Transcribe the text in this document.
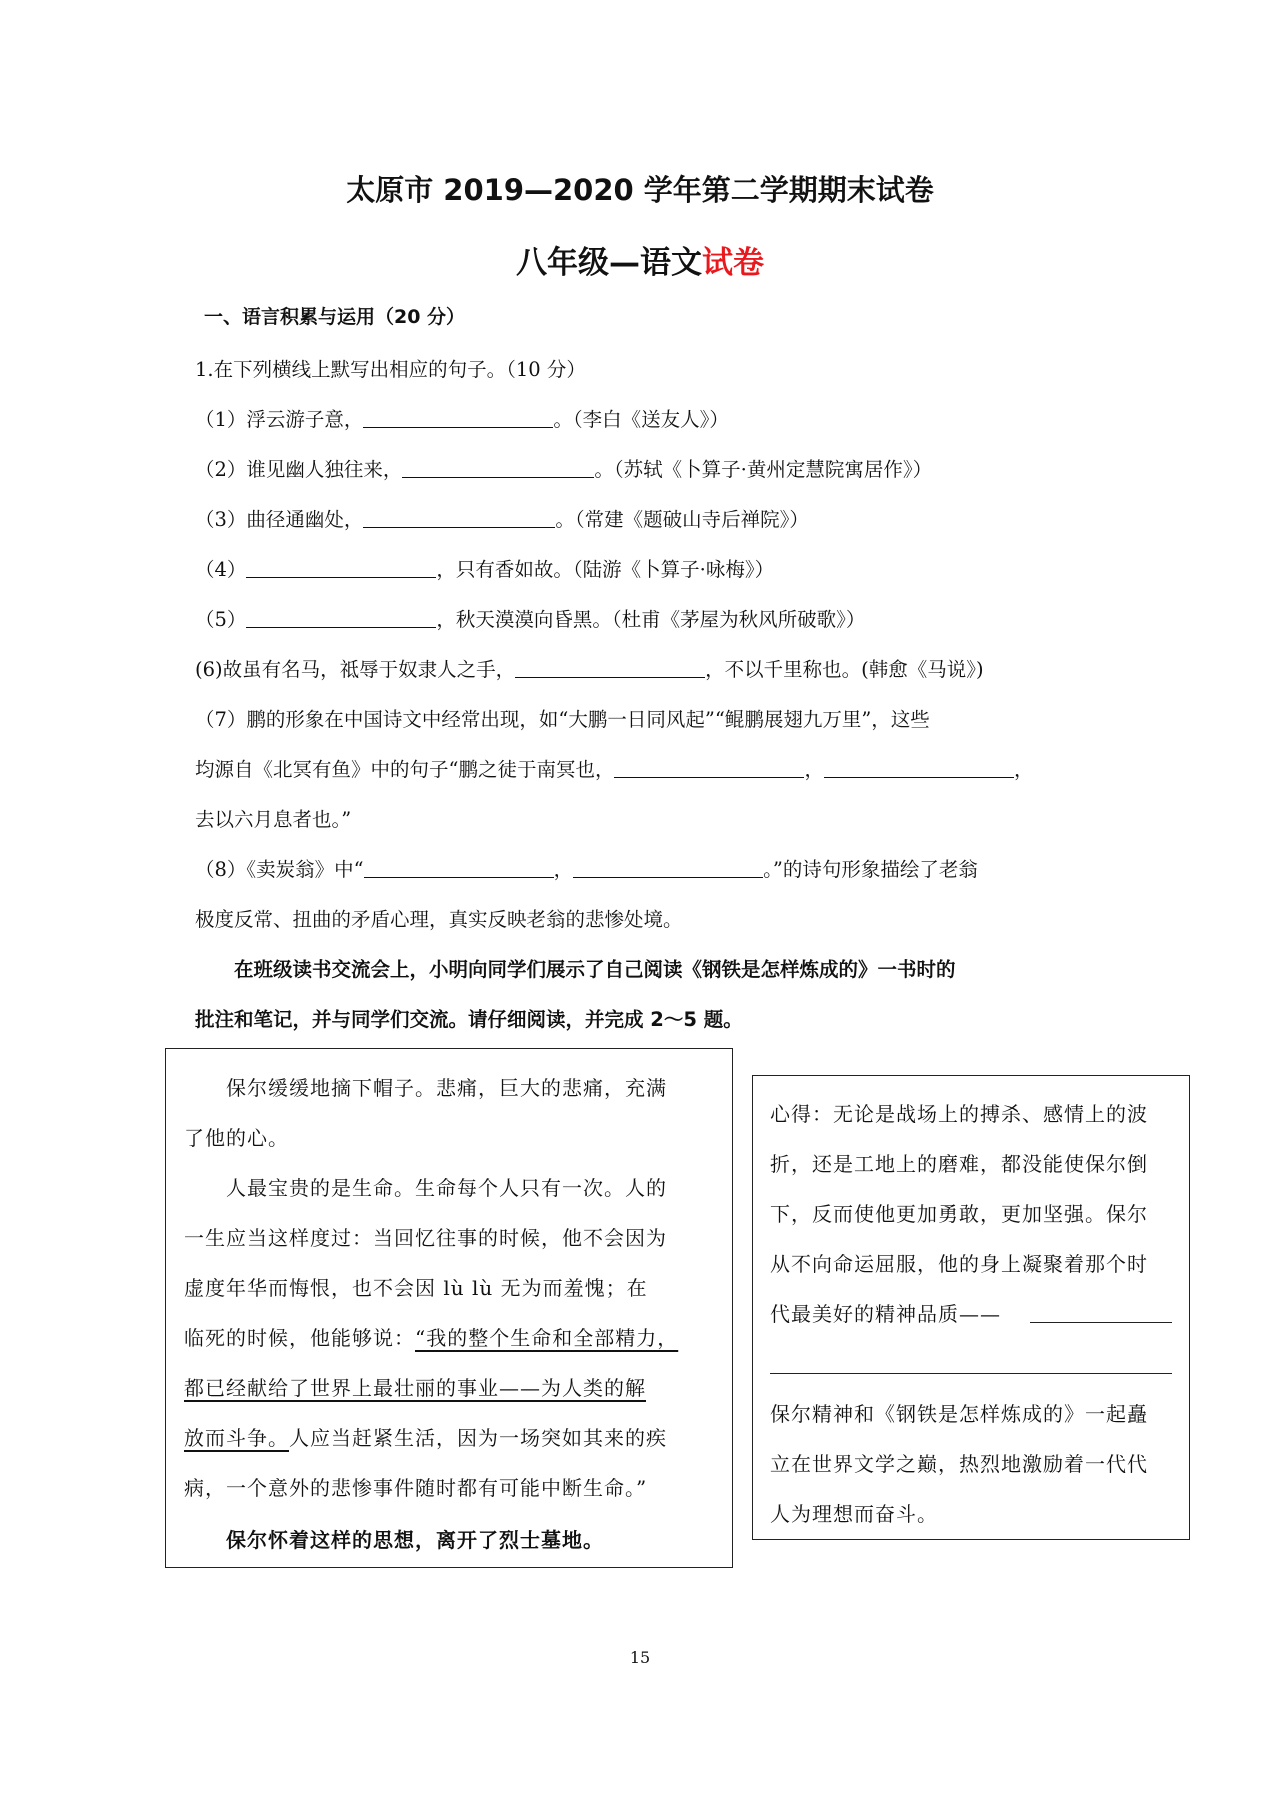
太原市 2019—2020 学年第二学期期末试卷
八年级—语文试卷
一、语言积累与运用（20 分）
1.在下列横线上默写出相应的句子。（10 分）
（1）浮云游子意，	。（李白《送友人》）
（2）谁见幽人独往来，	。（苏轼《卜算子·黄州定慧院寓居作》）
（3）曲径通幽处，	。（常建《题破山寺后禅院》）
（4）	，只有香如故。（陆游《卜算子·咏梅》）
（5）	，秋天漠漠向昏黑。（杜甫《茅屋为秋风所破歌》）
(6)故虽有名马，祗辱于奴隶人之手，	，不以千里称也。(韩愈《马说》)
（7）鹏的形象在中国诗文中经常出现，如“大鹏一日同风起”“鲲鹏展翅九万里”，这些
均源自《北冥有鱼》中的句子“鹏之徒于南冥也，	，	，
去以六月息者也。”
（8）《卖炭翁》中“	，	。”的诗句形象描绘了老翁
极度反常、扭曲的矛盾心理，真实反映老翁的悲惨处境。
在班级读书交流会上，小明向同学们展示了自己阅读《钢铁是怎样炼成的》一书时的
批注和笔记，并与同学们交流。请仔细阅读，并完成 2～5 题。
保尔缓缓地摘下帽子。悲痛，巨大的悲痛，充满
了他的心。
人最宝贵的是生命。生命每个人只有一次。人的
一生应当这样度过：当回忆往事的时候，他不会因为
虚度年华而悔恨，也不会因 lù lù 无为而羞愧；在
临死的时候，他能够说：“我的整个生命和全部精力，
都已经献给了世界上最壮丽的事业——为人类的解
放而斗争。人应当赶紧生活，因为一场突如其来的疾
病，一个意外的悲惨事件随时都有可能中断生命。”
保尔怀着这样的思想，离开了烈士墓地。
心得：无论是战场上的搏杀、感情上的波
折，还是工地上的磨难，都没能使保尔倒
下，反而使他更加勇敢，更加坚强。保尔
从不向命运屈服，他的身上凝聚着那个时
代最美好的精神品质——
保尔精神和《钢铁是怎样炼成的》一起矗
立在世界文学之巅，热烈地激励着一代代
人为理想而奋斗。
15
